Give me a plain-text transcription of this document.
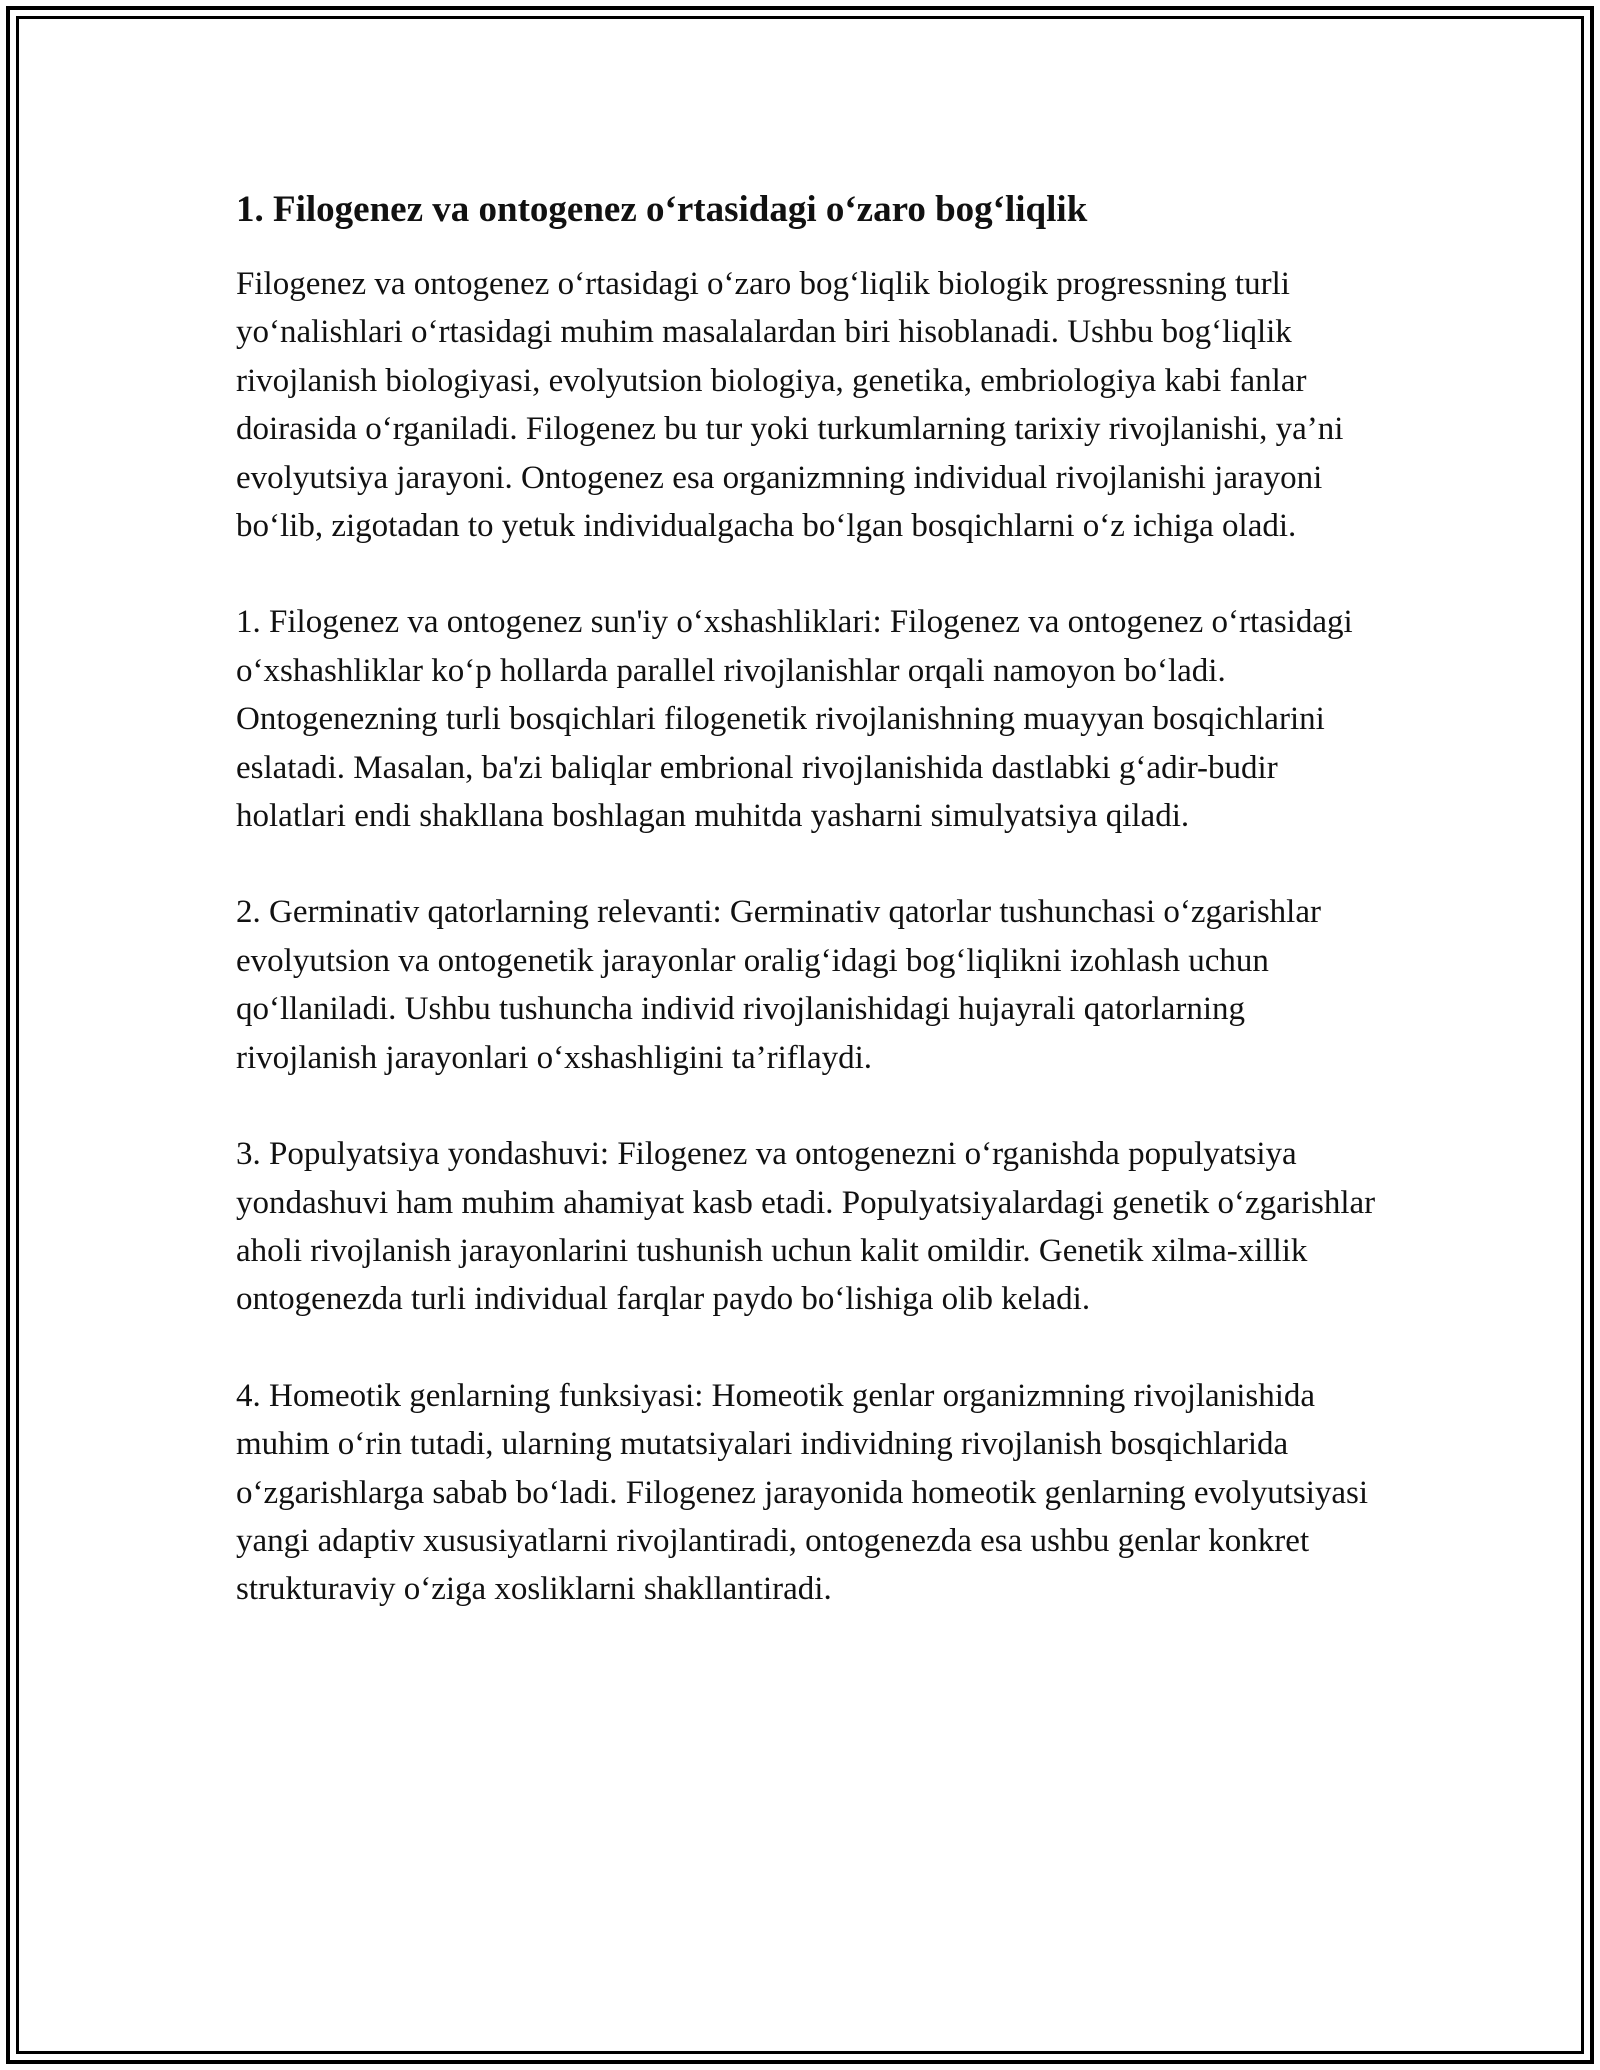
1. Filogenez va ontogenez o‘rtasidagi o‘zaro bog‘liqlik

Filogenez va ontogenez o‘rtasidagi o‘zaro bog‘liqlik biologik progressning turli yo‘nalishlari o‘rtasidagi muhim masalalardan biri hisoblanadi. Ushbu bog‘liqlik rivojlanish biologiyasi, evolyutsion biologiya, genetika, embriologiya kabi fanlar doirasida o‘rganiladi. Filogenez bu tur yoki turkumlarning tarixiy rivojlanishi, ya’ni evolyutsiya jarayoni. Ontogenez esa organizmning individual rivojlanishi jarayoni bo‘lib, zigotadan to yetuk individualgacha bo‘lgan bosqichlarni o‘z ichiga oladi.

1. Filogenez va ontogenez sun'iy o‘xshashliklari: Filogenez va ontogenez o‘rtasidagi o‘xshashliklar ko‘p hollarda parallel rivojlanishlar orqali namoyon bo‘ladi. Ontogenezning turli bosqichlari filogenetik rivojlanishning muayyan bosqichlarini eslatadi. Masalan, ba'zi baliqlar embrional rivojlanishida dastlabki g‘adir-budir holatlari endi shakllana boshlagan muhitda yasharni simulyatsiya qiladi.

2. Germinativ qatorlarning relevanti: Germinativ qatorlar tushunchasi o‘zgarishlar evolyutsion va ontogenetik jarayonlar oralig‘idagi bog‘liqlikni izohlash uchun qo‘llaniladi. Ushbu tushuncha individ rivojlanishidagi hujayrali qatorlarning rivojlanish jarayonlari o‘xshashligini ta’riflaydi.

3. Populyatsiya yondashuvi: Filogenez va ontogenezni o‘rganishda populyatsiya yondashuvi ham muhim ahamiyat kasb etadi. Populyatsiyalardagi genetik o‘zgarishlar aholi rivojlanish jarayonlarini tushunish uchun kalit omildir. Genetik xilma-xillik ontogenezda turli individual farqlar paydo bo‘lishiga olib keladi.

4. Homeotik genlarning funksiyasi: Homeotik genlar organizmning rivojlanishida muhim o‘rin tutadi, ularning mutatsiyalari individning rivojlanish bosqichlarida o‘zgarishlarga sabab bo‘ladi. Filogenez jarayonida homeotik genlarning evolyutsiyasi yangi adaptiv xususiyatlarni rivojlantiradi, ontogenezda esa ushbu genlar konkret strukturaviy o‘ziga xosliklarni shakllantiradi.
